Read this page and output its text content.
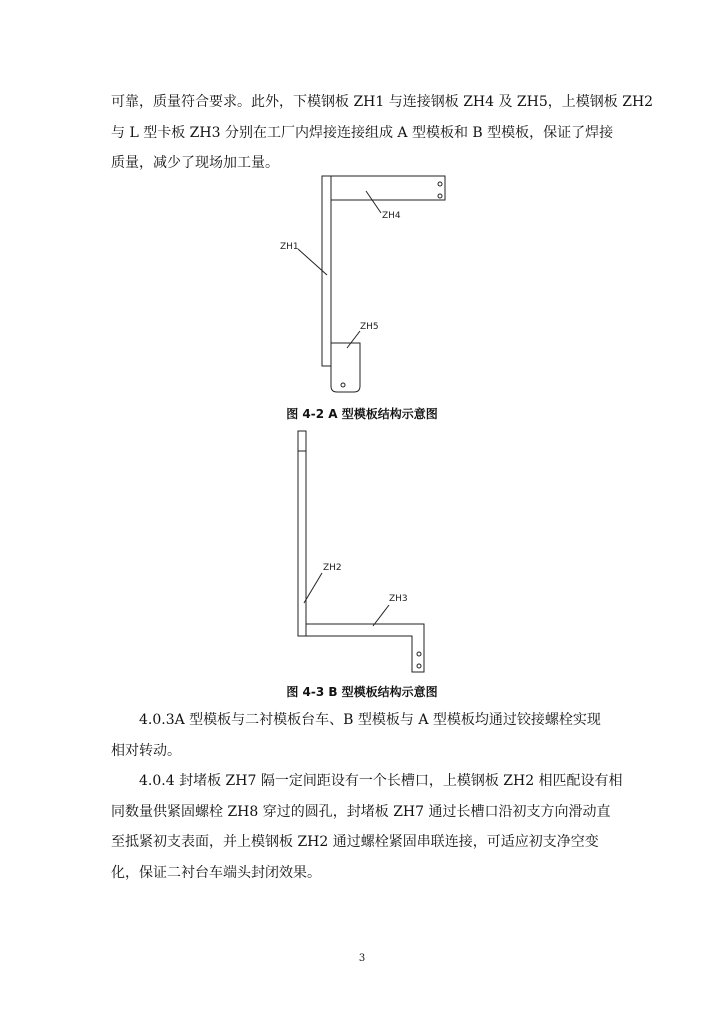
可靠，质量符合要求。此外，下模钢板 ZH1 与连接钢板 ZH4 及 ZH5，上模钢板 ZH2
与 L 型卡板 ZH3 分别在工厂内焊接连接组成 A 型模板和 B 型模板，保证了焊接
质量，减少了现场加工量。
ZH4
ZH1
ZH5
ZH2
ZH3
图 4-2 A 型模板结构示意图
图 4-3 B 型模板结构示意图
4.0.3A 型模板与二衬模板台车、B 型模板与 A 型模板均通过铰接螺栓实现
相对转动。
4.0.4 封堵板 ZH7 隔一定间距设有一个长槽口，上模钢板 ZH2 相匹配设有相
同数量供紧固螺栓 ZH8 穿过的圆孔，封堵板 ZH7 通过长槽口沿初支方向滑动直
至抵紧初支表面，并上模钢板 ZH2 通过螺栓紧固串联连接，可适应初支净空变
化，保证二衬台车端头封闭效果。
3
